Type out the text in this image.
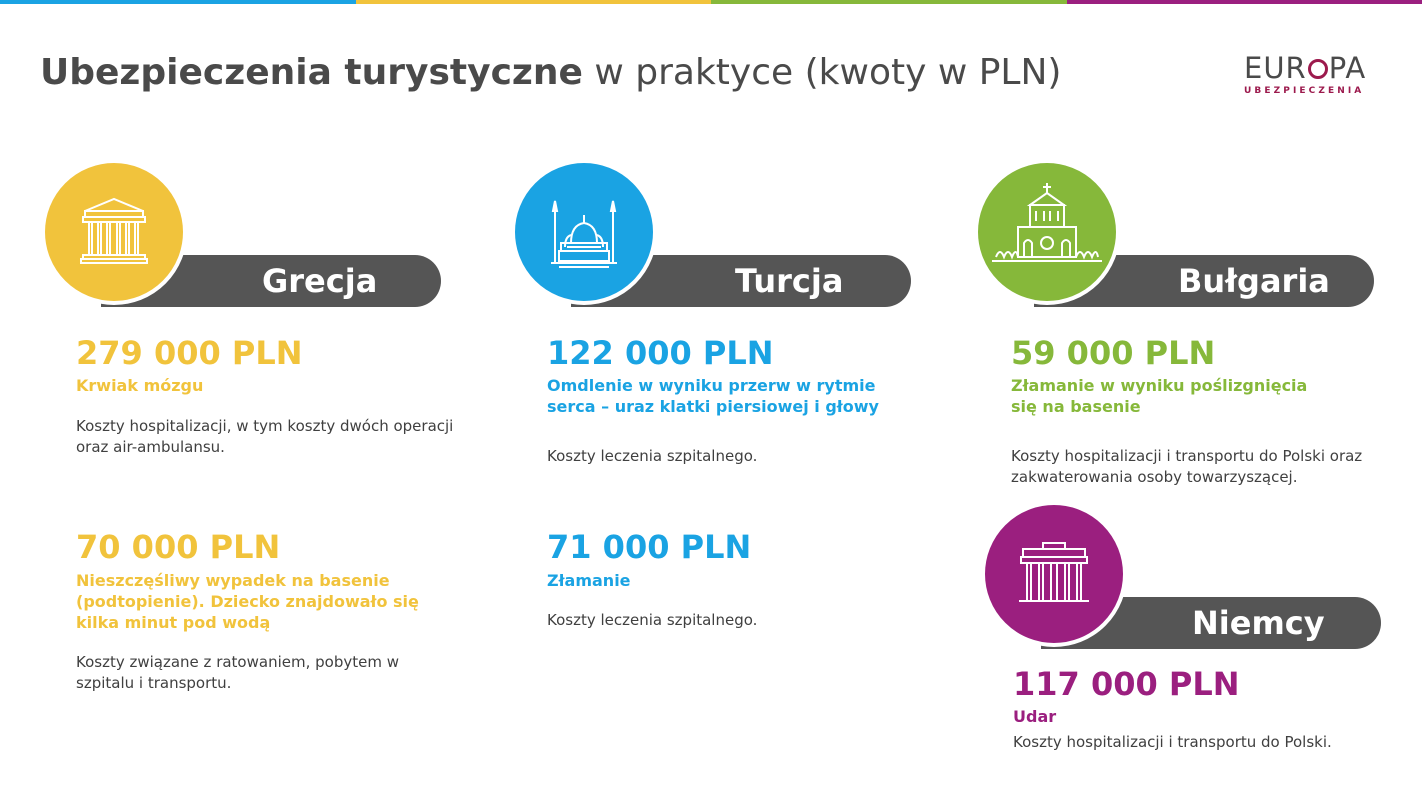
Ubezpieczenia turystyczne w praktyce (kwoty w PLN)	EUR PA
UBEZPIECZENIA
Grecja
279 000 PLN
Krwiak mózgu
Koszty hospitalizacji, w tym koszty dwóch operacji oraz air-ambulansu.
70 000 PLN
Nieszczęśliwy wypadek na basenie (podtopienie). Dziecko znajdowało się kilka minut pod wodą
Koszty związane z ratowaniem, pobytem w szpitalu i transportu.
Turcja
122 000 PLN
Omdlenie w wyniku przerw w rytmie serca – uraz klatki piersiowej i głowy
Koszty leczenia szpitalnego.
71 000 PLN
Złamanie
Koszty leczenia szpitalnego.
Bułgaria
59 000 PLN
Złamanie w wyniku poślizgnięcia się na basenie
Koszty hospitalizacji i transportu do Polski oraz zakwaterowania osoby towarzyszącej.
Niemcy
117 000 PLN
Udar
Koszty hospitalizacji i transportu do Polski.
